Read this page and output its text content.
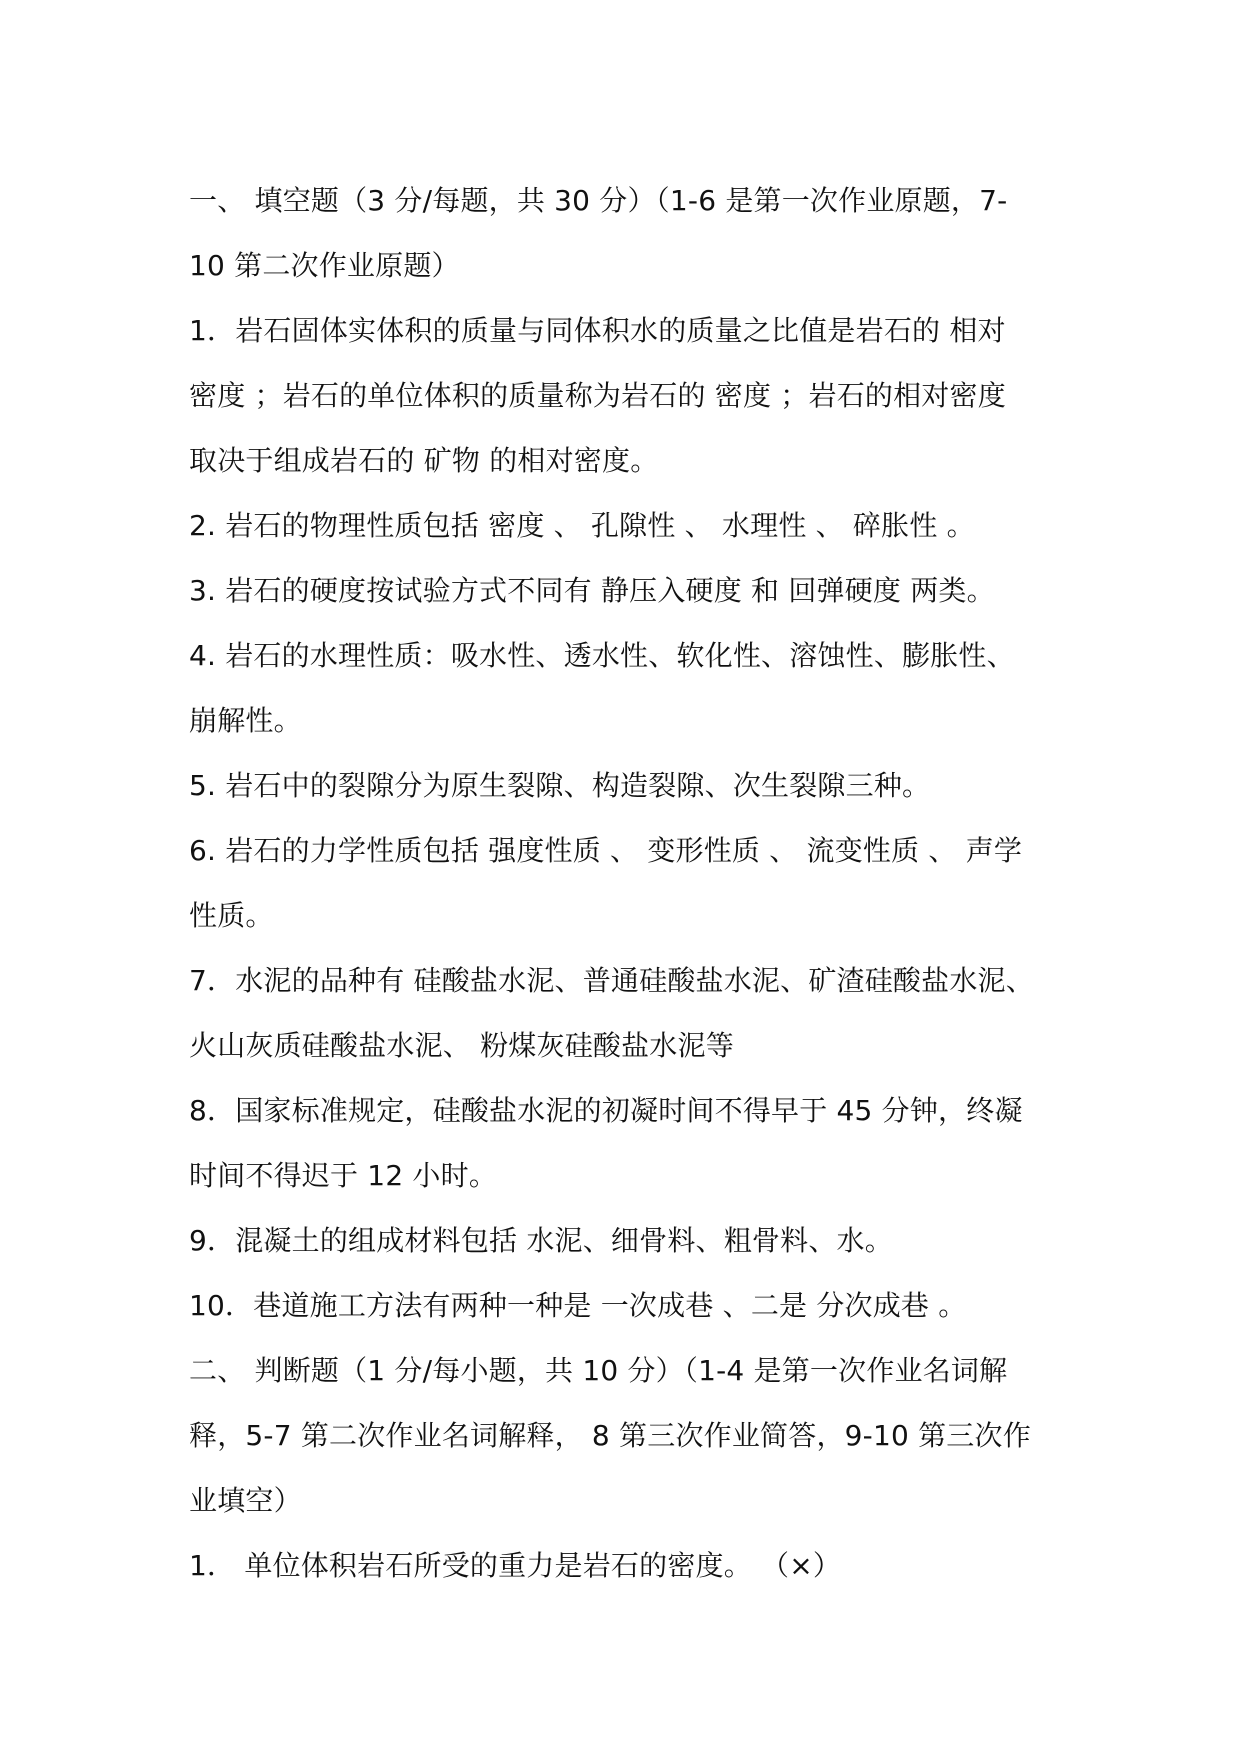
一、 填空题（3 分/每题，共 30 分）（1-6 是第一次作业原题，7-
10 第二次作业原题）
1．岩石固体实体积的质量与同体积水的质量之比值是岩石的 相对
密度 ；岩石的单位体积的质量称为岩石的 密度 ；岩石的相对密度
取决于组成岩石的 矿物 的相对密度。
2. 岩石的物理性质包括 密度 、 孔隙性 、 水理性 、 碎胀性 。
3. 岩石的硬度按试验方式不同有 静压入硬度 和 回弹硬度 两类。
4. 岩石的水理性质：吸水性、透水性、软化性、溶蚀性、膨胀性、
崩解性。
5. 岩石中的裂隙分为原生裂隙、构造裂隙、次生裂隙三种。
6. 岩石的力学性质包括 强度性质 、 变形性质 、 流变性质 、 声学
性质。
7．水泥的品种有 硅酸盐水泥、普通硅酸盐水泥、矿渣硅酸盐水泥、
火山灰质硅酸盐水泥、 粉煤灰硅酸盐水泥等
8．国家标准规定，硅酸盐水泥的初凝时间不得早于 45 分钟，终凝
时间不得迟于 12 小时。
9．混凝土的组成材料包括 水泥、细骨料、粗骨料、水。
10．巷道施工方法有两种一种是 一次成巷 、二是 分次成巷 。
二、 判断题（1 分/每小题，共 10 分）（1-4 是第一次作业名词解
释，5-7 第二次作业名词解释， 8 第三次作业简答，9-10 第三次作
业填空）
1． 单位体积岩石所受的重力是岩石的密度。 （×）
